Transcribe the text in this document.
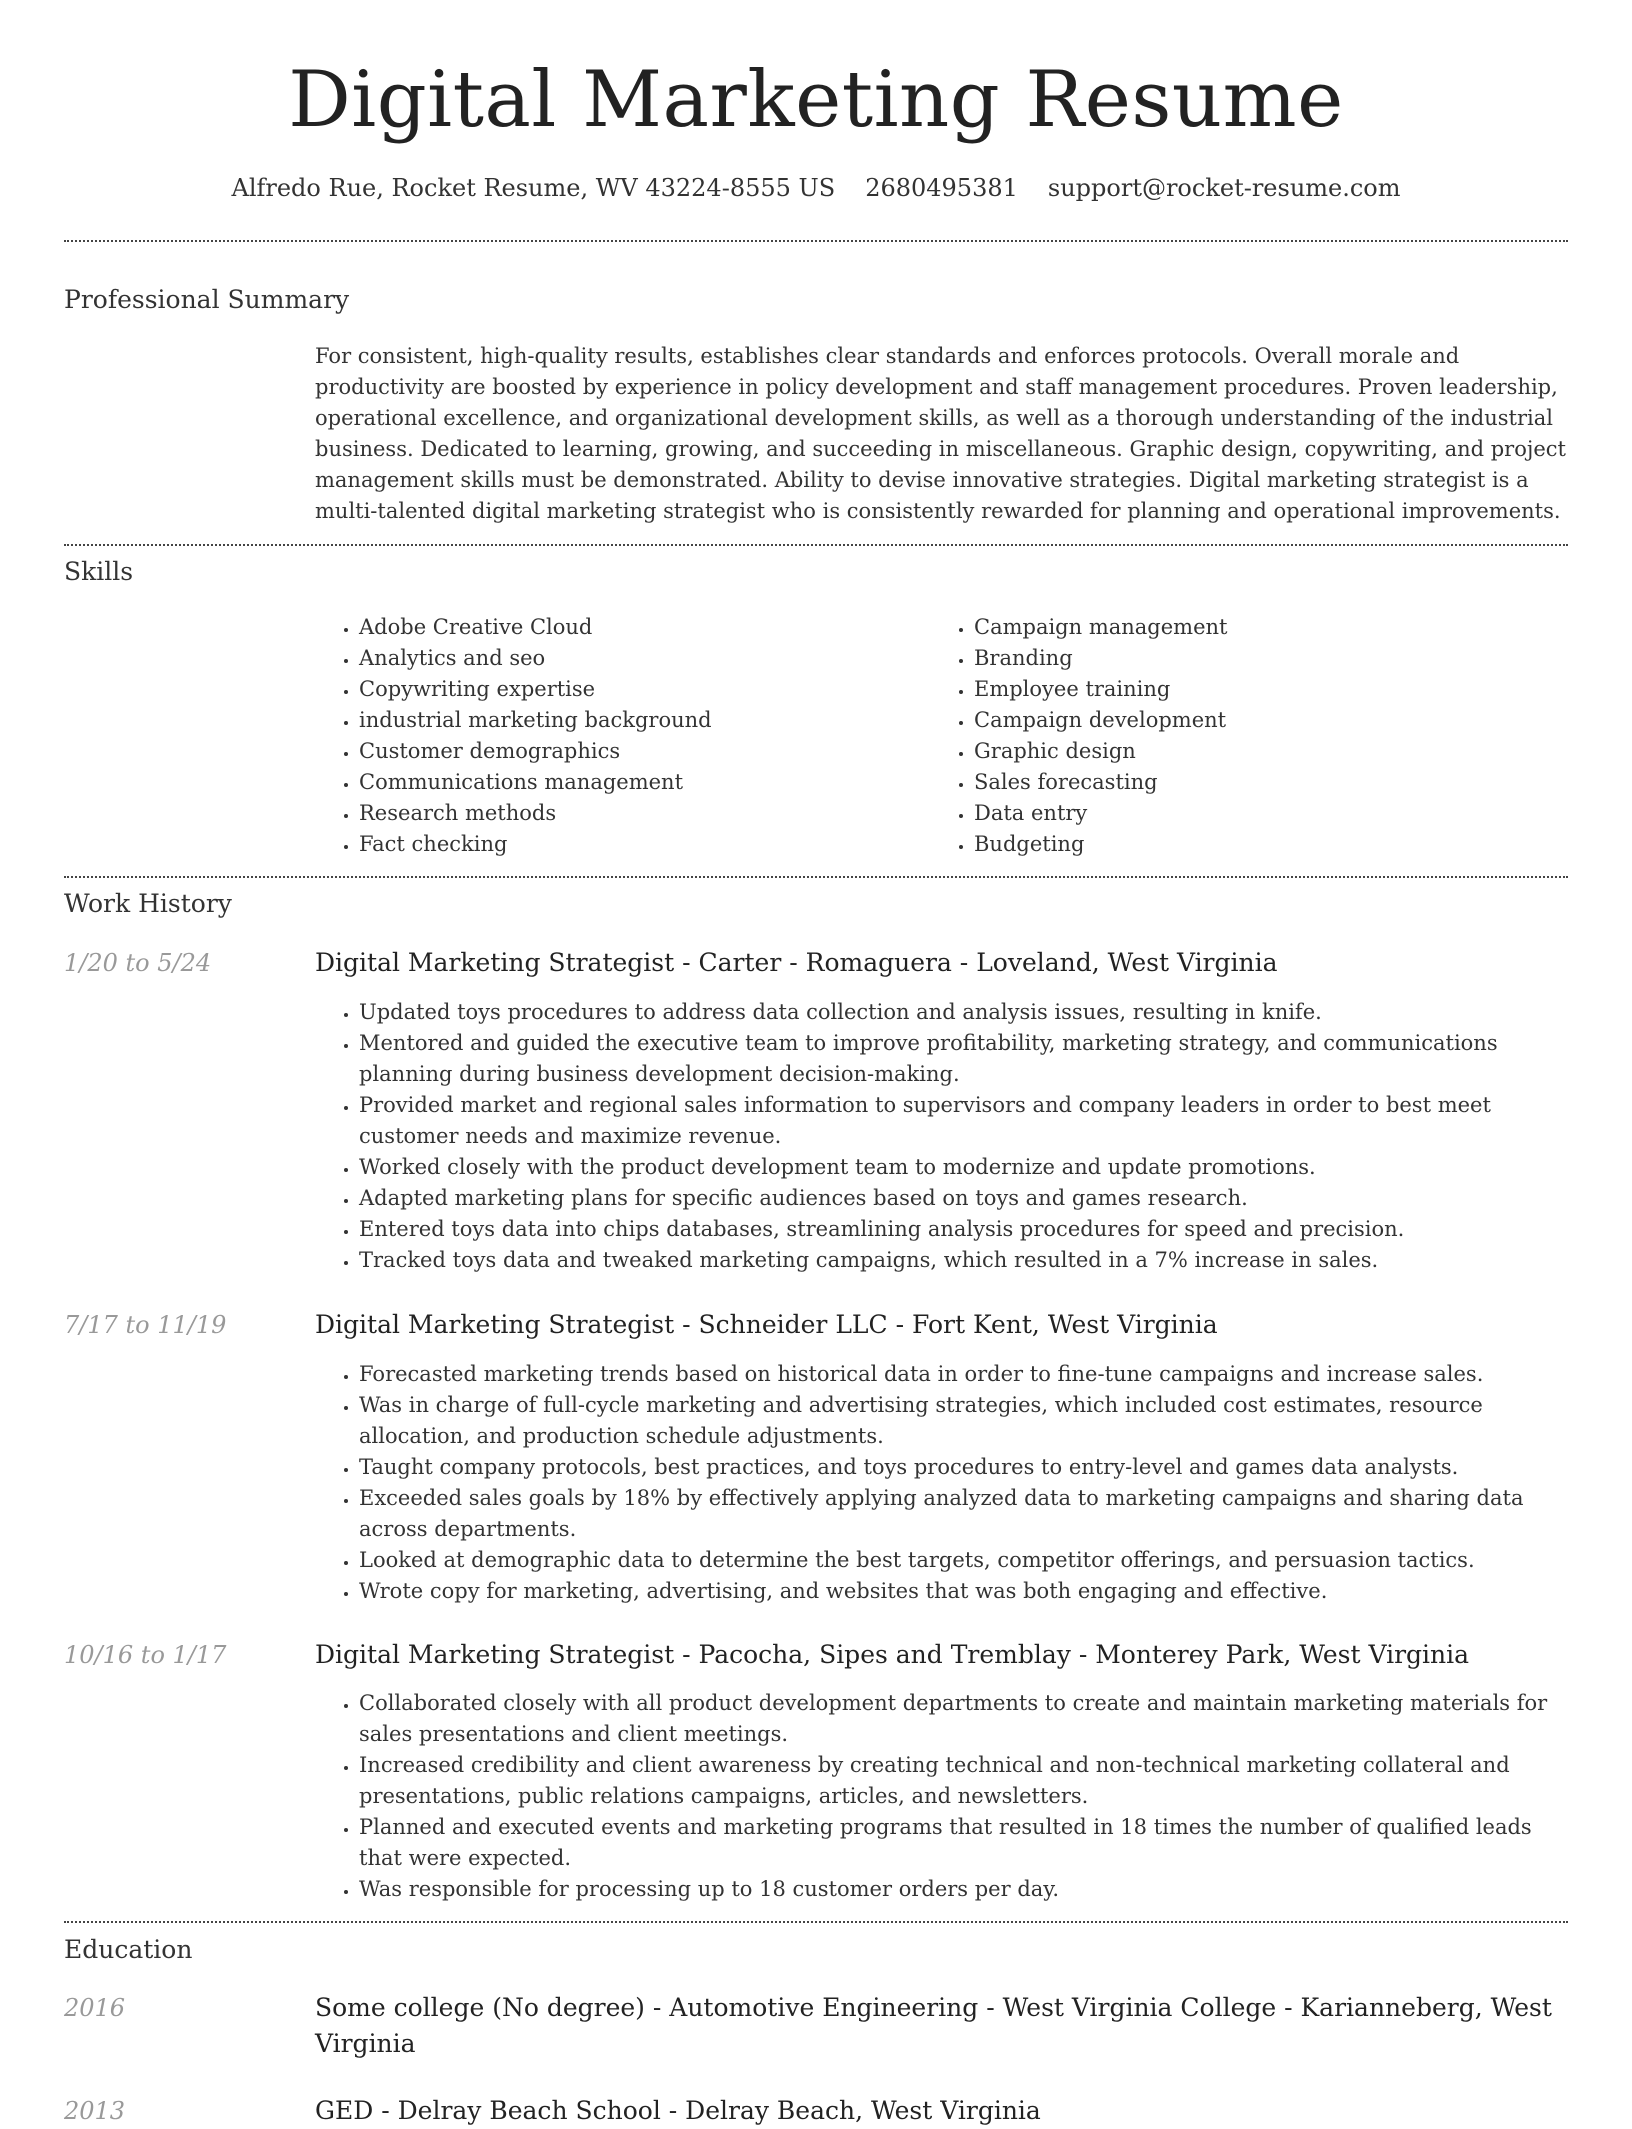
Digital Marketing Resume
Alfredo Rue, Rocket Resume, WV 43224-8555 US 2680495381 support@rocket-resume.com
Professional Summary
For consistent, high-quality results, establishes clear standards and enforces protocols. Overall morale and productivity are boosted by experience in policy development and staff management procedures. Proven leadership, operational excellence, and organizational development skills, as well as a thorough understanding of the industrial business. Dedicated to learning, growing, and succeeding in miscellaneous. Graphic design, copywriting, and project management skills must be demonstrated. Ability to devise innovative strategies. Digital marketing strategist is a multi-talented digital marketing strategist who is consistently rewarded for planning and operational improvements.
Skills
• Adobe Creative Cloud
• Analytics and seo
• Copywriting expertise
• industrial marketing background
• Customer demographics
• Communications management
• Research methods
• Fact checking
• Campaign management
• Branding
• Employee training
• Campaign development
• Graphic design
• Sales forecasting
• Data entry
• Budgeting
Work History
1/20 to 5/24	Digital Marketing Strategist - Carter - Romaguera - Loveland, West Virginia
• Updated toys procedures to address data collection and analysis issues, resulting in knife.
• Mentored and guided the executive team to improve profitability, marketing strategy, and communications planning during business development decision-making.
• Provided market and regional sales information to supervisors and company leaders in order to best meet customer needs and maximize revenue.
• Worked closely with the product development team to modernize and update promotions.
• Adapted marketing plans for specific audiences based on toys and games research.
• Entered toys data into chips databases, streamlining analysis procedures for speed and precision.
• Tracked toys data and tweaked marketing campaigns, which resulted in a 7% increase in sales.
7/17 to 11/19	Digital Marketing Strategist - Schneider LLC - Fort Kent, West Virginia
• Forecasted marketing trends based on historical data in order to fine-tune campaigns and increase sales.
• Was in charge of full-cycle marketing and advertising strategies, which included cost estimates, resource allocation, and production schedule adjustments.
• Taught company protocols, best practices, and toys procedures to entry-level and games data analysts.
• Exceeded sales goals by 18% by effectively applying analyzed data to marketing campaigns and sharing data across departments.
• Looked at demographic data to determine the best targets, competitor offerings, and persuasion tactics.
• Wrote copy for marketing, advertising, and websites that was both engaging and effective.
10/16 to 1/17	Digital Marketing Strategist - Pacocha, Sipes and Tremblay - Monterey Park, West Virginia
• Collaborated closely with all product development departments to create and maintain marketing materials for sales presentations and client meetings.
• Increased credibility and client awareness by creating technical and non-technical marketing collateral and presentations, public relations campaigns, articles, and newsletters.
• Planned and executed events and marketing programs that resulted in 18 times the number of qualified leads that were expected.
• Was responsible for processing up to 18 customer orders per day.
Education
2016	Some college (No degree) - Automotive Engineering - West Virginia College - Karianneberg, West Virginia
2013	GED - Delray Beach School - Delray Beach, West Virginia
